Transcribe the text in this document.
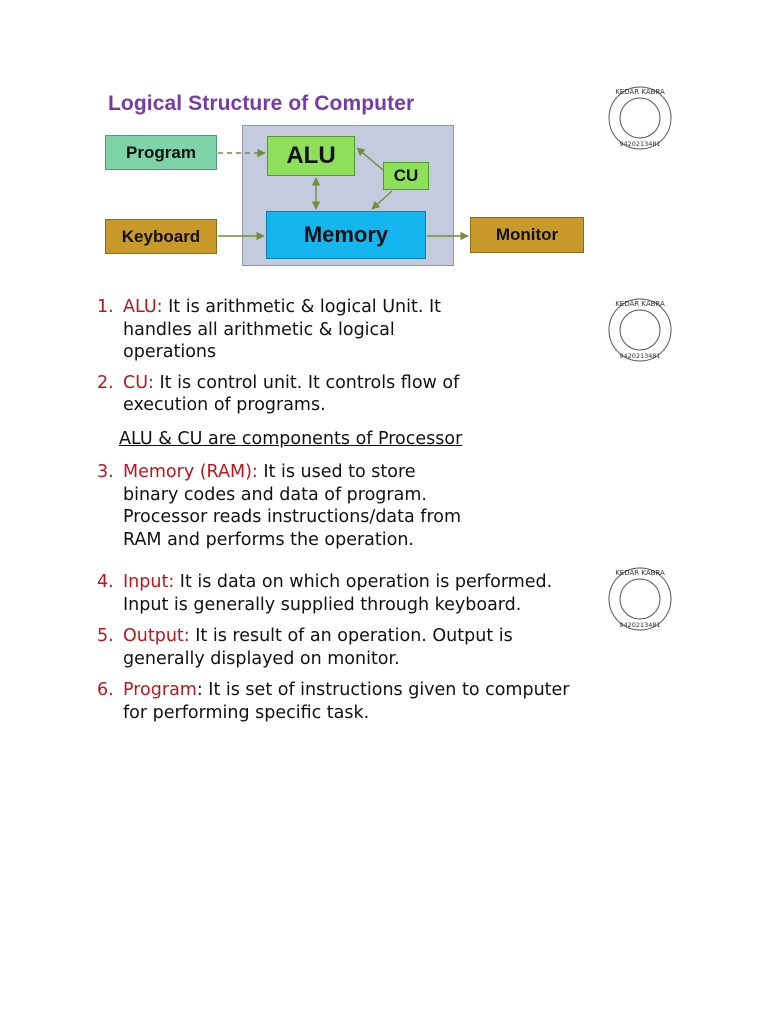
Logical Structure of Computer
Program
Keyboard	Monitor
ALU
CU
Memory
KEDAR KABRA
9420213481
KEDAR KABRA
9420213481
KEDAR KABRA
9420213481
1. ALU: It is arithmetic & logical Unit. It
handles all arithmetic & logical
operations
2. CU: It is control unit. It controls flow of
execution of programs.
ALU & CU are components of Processor
3. Memory (RAM): It is used to store
binary codes and data of program.
Processor reads instructions/data from
RAM and performs the operation.
4. Input: It is data on which operation is performed.
Input is generally supplied through keyboard.
5. Output: It is result of an operation. Output is
generally displayed on monitor.
6. Program: It is set of instructions given to computer
for performing specific task.
